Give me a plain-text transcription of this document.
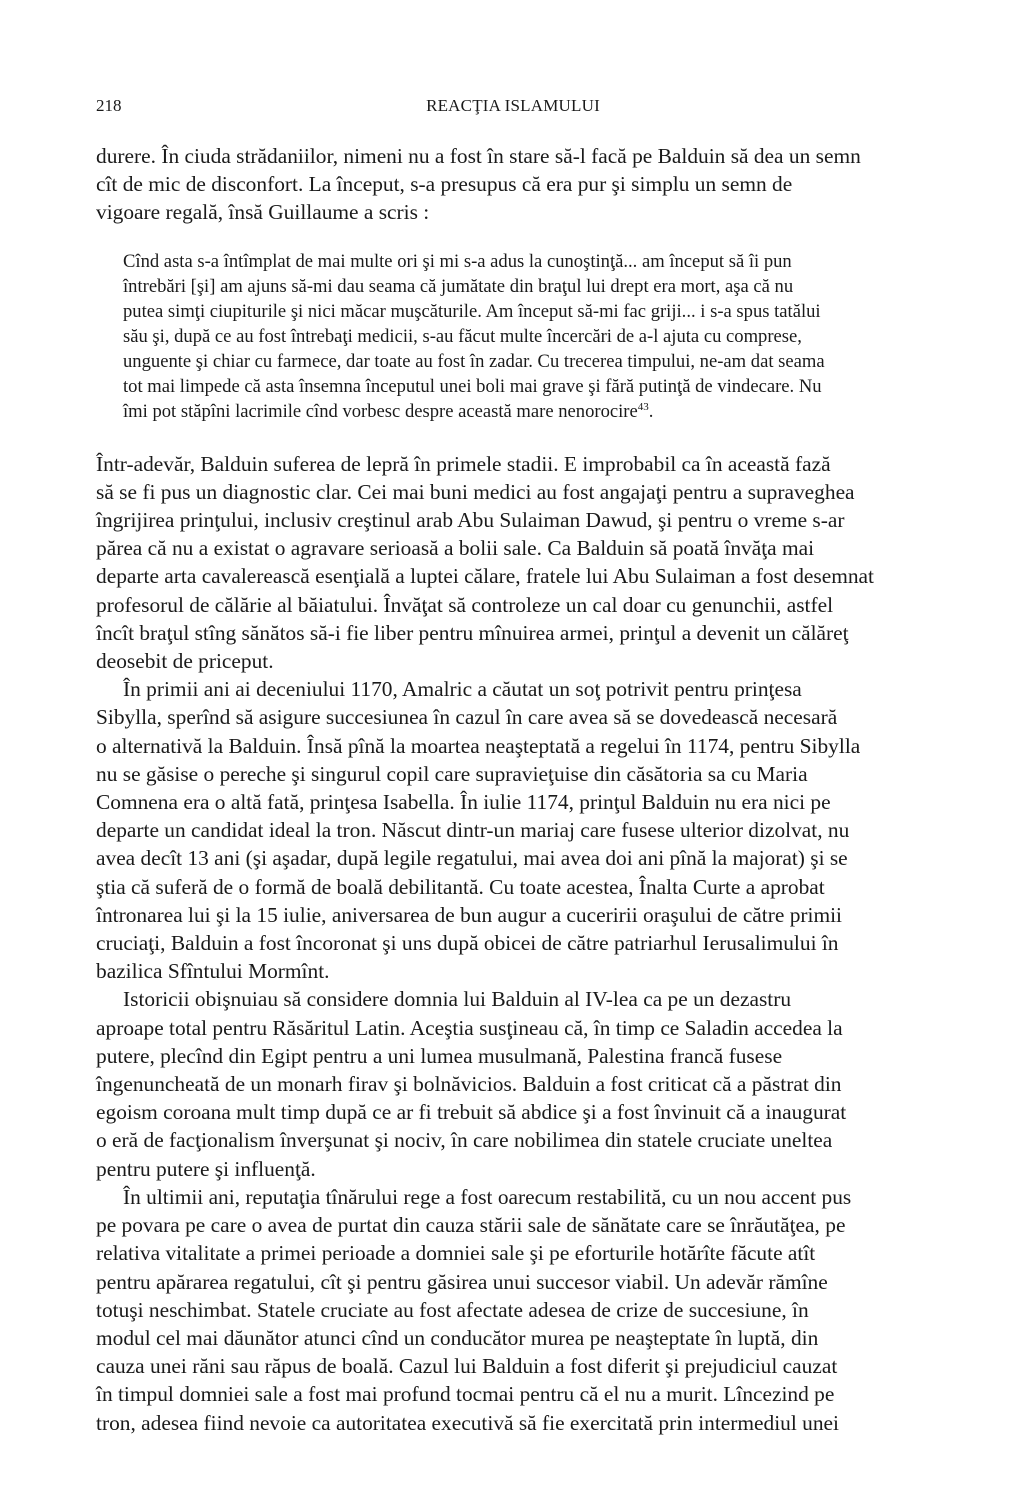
218	REACŢIA ISLAMULUI

durere. În ciuda strădaniilor, nimeni nu a fost în stare să-l facă pe Balduin să dea un semn
cît de mic de disconfort. La început, s-a presupus că era pur şi simplu un semn de
vigoare regală, însă Guillaume a scris :

Cînd asta s-a întîmplat de mai multe ori şi mi s-a adus la cunoştinţă... am început să îi pun
întrebări [şi] am ajuns să-mi dau seama că jumătate din braţul lui drept era mort, aşa că nu
putea simţi ciupiturile şi nici măcar muşcăturile. Am început să-mi fac griji... i s-a spus tatălui
său şi, după ce au fost întrebaţi medicii, s-au făcut multe încercări de a-l ajuta cu comprese,
unguente şi chiar cu farmece, dar toate au fost în zadar. Cu trecerea timpului, ne-am dat seama
tot mai limpede că asta însemna începutul unei boli mai grave şi fără putinţă de vindecare. Nu
îmi pot stăpîni lacrimile cînd vorbesc despre această mare nenorocire$^{43}$.

Într-adevăr, Balduin suferea de lepră în primele stadii. E improbabil ca în această fază
să se fi pus un diagnostic clar. Cei mai buni medici au fost angajaţi pentru a supraveghea
îngrijirea prinţului, inclusiv creştinul arab Abu Sulaiman Dawud, şi pentru o vreme s-ar
părea că nu a existat o agravare serioasă a bolii sale. Ca Balduin să poată învăţa mai
departe arta cavalerească esenţială a luptei călare, fratele lui Abu Sulaiman a fost desemnat
profesorul de călărie al băiatului. Învăţat să controleze un cal doar cu genunchii, astfel
încît braţul stîng sănătos să-i fie liber pentru mînuirea armei, prinţul a devenit un călăreţ
deosebit de priceput.

În primii ani ai deceniului 1170, Amalric a căutat un soţ potrivit pentru prinţesa
Sibylla, sperînd să asigure succesiunea în cazul în care avea să se dovedească necesară
o alternativă la Balduin. Însă pînă la moartea neaşteptată a regelui în 1174, pentru Sibylla
nu se găsise o pereche şi singurul copil care supravieţuise din căsătoria sa cu Maria
Comnena era o altă fată, prinţesa Isabella. În iulie 1174, prinţul Balduin nu era nici pe
departe un candidat ideal la tron. Născut dintr-un mariaj care fusese ulterior dizolvat, nu
avea decît 13 ani (şi aşadar, după legile regatului, mai avea doi ani pînă la majorat) şi se
ştia că suferă de o formă de boală debilitantă. Cu toate acestea, Înalta Curte a aprobat
întronarea lui şi la 15 iulie, aniversarea de bun augur a cuceririi oraşului de către primii
cruciaţi, Balduin a fost încoronat şi uns după obicei de către patriarhul Ierusalimului în
bazilica Sfîntului Mormînt.

Istoricii obişnuiau să considere domnia lui Balduin al IV-lea ca pe un dezastru
aproape total pentru Răsăritul Latin. Aceştia susţineau că, în timp ce Saladin accedea la
putere, plecînd din Egipt pentru a uni lumea musulmană, Palestina francă fusese
îngenuncheată de un monarh firav şi bolnăvicios. Balduin a fost criticat că a păstrat din
egoism coroana mult timp după ce ar fi trebuit să abdice şi a fost învinuit că a inaugurat
o eră de facţionalism înverşunat şi nociv, în care nobilimea din statele cruciate uneltea
pentru putere şi influenţă.

În ultimii ani, reputaţia tînărului rege a fost oarecum restabilită, cu un nou accent pus
pe povara pe care o avea de purtat din cauza stării sale de sănătate care se înrăutăţea, pe
relativa vitalitate a primei perioade a domniei sale şi pe eforturile hotărîte făcute atît
pentru apărarea regatului, cît şi pentru găsirea unui succesor viabil. Un adevăr rămîne
totuşi neschimbat. Statele cruciate au fost afectate adesea de crize de succesiune, în
modul cel mai dăunător atunci cînd un conducător murea pe neaşteptate în luptă, din
cauza unei răni sau răpus de boală. Cazul lui Balduin a fost diferit şi prejudiciul cauzat
în timpul domniei sale a fost mai profund tocmai pentru că el nu a murit. Lîncezind pe
tron, adesea fiind nevoie ca autoritatea executivă să fie exercitată prin intermediul unei
